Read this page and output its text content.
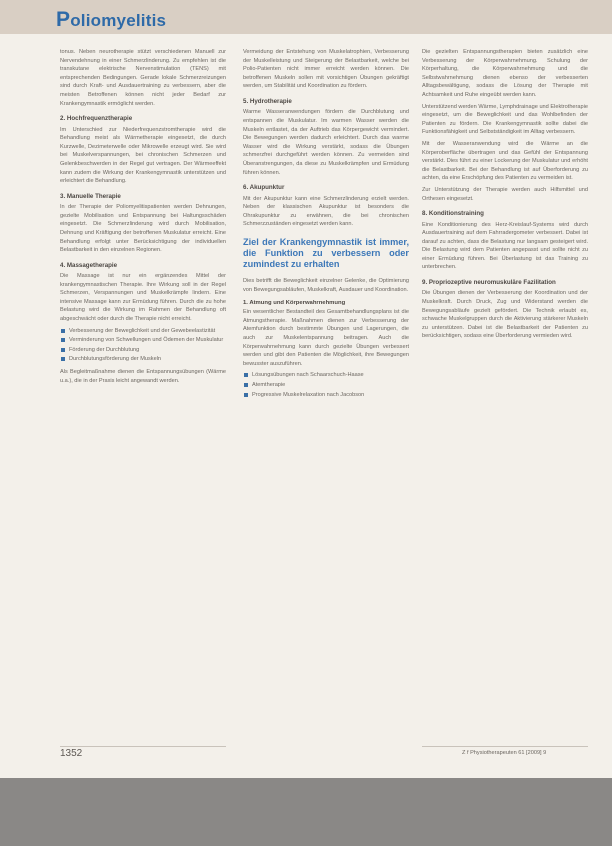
Poliomyelitis

tonus. Neben neurotherapie stützt verschiedenen Manuell zur Nervendehnung in einer Schmerzlinderung. Zu empfehlen ist die transkutane elektrische Nervenstimulation (TENS) mit entsprechenden Bedingungen. Gerade lokale Schmerzreizungen sind durch Kraft- und Ausdauertraining zu verbessern, aber die meisten Betroffenen können nicht jeder Bedarf zur Krankengymnastik ermöglicht werden.

2. Hochfrequenztherapie

Im Unterschied zur Niederfrequenzstromtherapie wird die Behandlung meist als Wärmetherapie eingesetzt, die durch Kurzwelle, Dezimeterwelle oder Mikrowelle erzeugt wird. Sie wird bei Muskelverspannungen, bei chronischen Schmerzen und Gelenkbeschwerden in der Regel gut vertragen. Der Wärmeeffekt kann zudem die Wirkung der Krankengymnastik unterstützen und erleichtert die Behandlung.

3. Manuelle Therapie

In der Therapie der Poliomyelitispatienten werden Dehnungen, gezielte Mobilisation und Entspannung bei Haltungsschäden eingesetzt. Die Schmerzlinderung wird durch Mobilisation, Dehnung und Kräftigung der betroffenen Muskulatur erreicht. Eine Behandlung erfolgt unter Berücksichtigung der individuellen Belastbarkeit in den einzelnen Regionen.

4. Massagetherapie

Die Massage ist nur ein ergänzendes Mittel der krankengymnastischen Therapie. Ihre Wirkung soll in der Regel Schmerzen, Verspannungen und Muskelkrämpfe lindern. Eine intensive Massage kann zur Ermüdung führen. Durch die zu hohe Belastung wird die Wirkung im Rahmen der Behandlung oft abgeschwächt oder durch die Therapie nicht erreicht.

Verbesserung der Beweglichkeit und der Gewebeelastizität
Verminderung von Schwellungen und Ödemen der Muskulatur
Förderung der Durchblutung
Durchblutungsförderung der Muskeln

Als Begleitmaßnahme dienen die Entspannungsübungen (Wärme u.a.), die in der Praxis leicht angewandt werden.

Vermeidung der Entstehung von Muskelatrophien, Verbesserung der Muskelleistung und Steigerung der Belastbarkeit, welche bei Polio-Patienten nicht immer erreicht werden können. Die betroffenen Muskeln sollen mit vorsichtigen Übungen gekräftigt werden, um Stabilität und Koordination zu fördern.

5. Hydrotherapie

Warme Wasseranwendungen fördern die Durchblutung und entspannen die Muskulatur. Im warmen Wasser werden die Muskeln entlastet, da der Auftrieb das Körpergewicht vermindert. Die Bewegungen werden dadurch erleichtert. Durch das warme Wasser wird die Wirkung verstärkt, sodass die Übungen schmerzfrei durchgeführt werden können. Zu vermeiden sind Überanstrengungen, da diese zu Muskelkrämpfen und Ermüdung führen können.

6. Akupunktur

Mit der Akupunktur kann eine Schmerzlinderung erzielt werden. Neben der klassischen Akupunktur ist besonders die Ohrakupunktur zu erwähnen, die bei chronischen Schmerzzuständen eingesetzt werden kann.

Ziel der Krankengymnastik ist immer, die Funktion zu verbessern oder zumindest zu erhalten

Dies betrifft die Beweglichkeit einzelner Gelenke, die Optimierung von Bewegungsabläufen, Muskelkraft, Ausdauer und Koordination.

1. Atmung und Körperwahrnehmung

Ein wesentlicher Bestandteil des Gesamtbehandlungsplans ist die Atmungstherapie. Maßnahmen dienen zur Verbesserung der Atemfunktion durch bestimmte Übungen und Lagerungen, die auch zur Muskelentspannung beitragen. Auch die Körperwahrnehmung kann durch gezielte Übungen verbessert werden und gibt den Patienten die Möglichkeit, ihre Bewegungen bewusster auszuführen.

Lösungsübungen nach Schaarschuch-Haase
Atemtherapie
Progressive Muskelrelaxation nach Jacobson

Die gezielten Entspannungstherapien bieten zusätzlich eine Verbesserung der Körperwahrnehmung. Schulung der Körperhaltung, die Körperwahrnehmung und die Selbstwahrnehmung dienen ebenso der verbesserten Alltagsbewältigung, sodass die Lösung der Therapie mit Achtsamkeit und Ruhe eingeübt werden kann.

Unterstützend werden Wärme, Lymphdrainage und Elektrotherapie eingesetzt, um die Beweglichkeit und das Wohlbefinden der Patienten zu fördern. Die Krankengymnastik sollte dabei die Funktionsfähigkeit und Selbstständigkeit im Alltag verbessern.

Mit der Wasseranwendung wird die Wärme an die Körperoberfläche übertragen und das Gefühl der Entspannung verstärkt. Dies führt zu einer Lockerung der Muskulatur und erhöht die Belastbarkeit. Bei der Behandlung ist auf Überforderung zu achten, da eine Erschöpfung des Patienten zu vermeiden ist.

Zur Unterstützung der Therapie werden auch Hilfsmittel und Orthesen eingesetzt.

8. Konditionstraining

Eine Konditionierung des Herz-Kreislauf-Systems wird durch Ausdauertraining auf dem Fahrradergometer verbessert. Dabei ist darauf zu achten, dass die Belastung nur langsam gesteigert wird. Die Belastung wird dem Patienten angepasst und sollte nicht zu einer Ermüdung führen. Bei Überlastung ist das Training zu unterbrechen.

9. Propriozeptive neuromuskuläre Fazilitation

Die Übungen dienen der Verbesserung der Koordination und der Muskelkraft. Durch Druck, Zug und Widerstand werden die Bewegungsabläufe gezielt gefördert. Die Technik erlaubt es, schwache Muskelgruppen durch die Aktivierung stärkerer Muskeln zu unterstützen. Dabei ist die Belastbarkeit der Patienten zu berücksichtigen, sodass eine Überforderung vermieden wird.

1352	Z f Physiotherapeuten 61 [2009] 9
